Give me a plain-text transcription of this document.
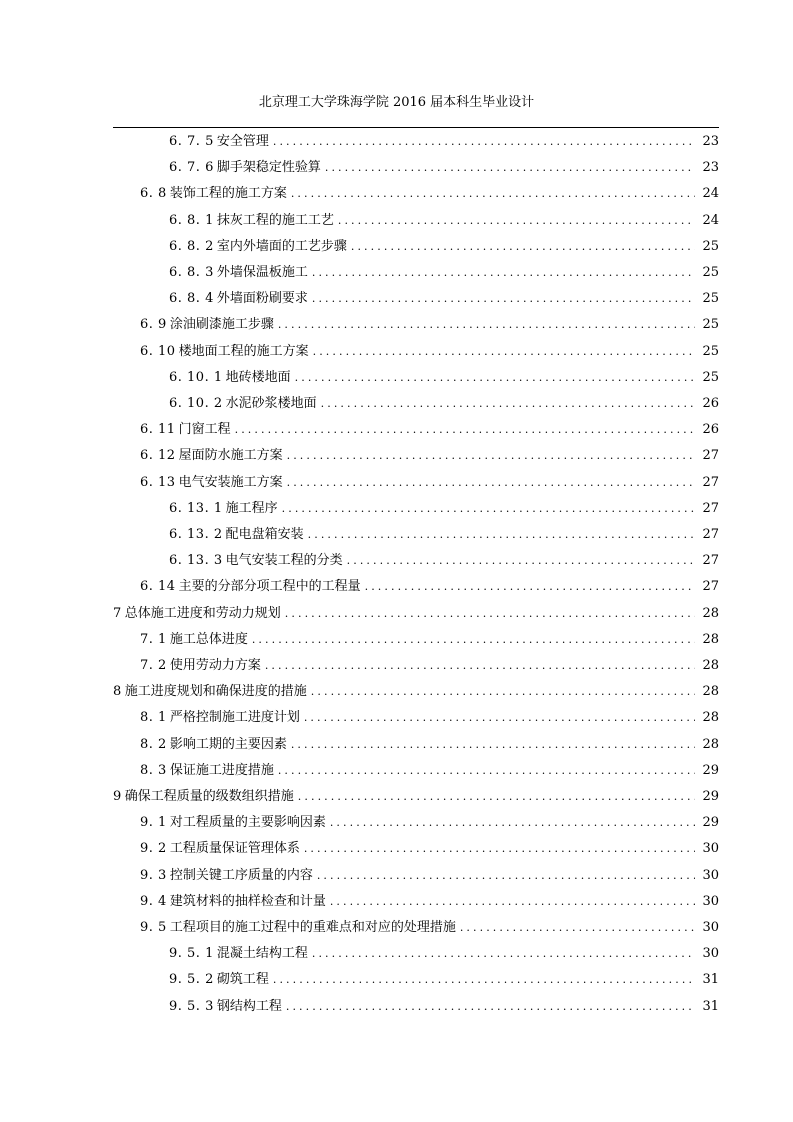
北京理工大学珠海学院 2016 届本科生毕业设计
6. 7. 5 安全管理 .....	23
6. 7. 6 脚手架稳定性验算 .....	23
6. 8 装饰工程的施工方案 .....	24
6. 8. 1 抹灰工程的施工工艺 .....	24
6. 8. 2 室内外墙面的工艺步骤 .....	25
6. 8. 3 外墙保温板施工 .....	25
6. 8. 4 外墙面粉刷要求 .....	25
6. 9 涂油刷漆施工步骤 .....	25
6. 10 楼地面工程的施工方案 .....	25
6. 10. 1 地砖楼地面 .....	25
6. 10. 2 水泥砂浆楼地面 .....	26
6. 11 门窗工程 .....	26
6. 12 屋面防水施工方案 .....	27
6. 13 电气安装施工方案 .....	27
6. 13. 1 施工程序 .....	27
6. 13. 2 配电盘箱安装 .....	27
6. 13. 3 电气安装工程的分类 .....	27
6. 14 主要的分部分项工程中的工程量 .....	27
7 总体施工进度和劳动力规划 .....	28
7. 1 施工总体进度 .....	28
7. 2 使用劳动力方案 .....	28
8 施工进度规划和确保进度的措施 .....	28
8. 1 严格控制施工进度计划 .....	28
8. 2 影响工期的主要因素 .....	28
8. 3 保证施工进度措施 .....	29
9 确保工程质量的级数组织措施 .....	29
9. 1 对工程质量的主要影响因素 .....	29
9. 2 工程质量保证管理体系 .....	30
9. 3 控制关键工序质量的内容 .....	30
9. 4 建筑材料的抽样检查和计量 .....	30
9. 5 工程项目的施工过程中的重难点和对应的处理措施 .....	30
9. 5. 1 混凝土结构工程 .....	30
9. 5. 2 砌筑工程 .....	31
9. 5. 3 钢结构工程 .....	31
